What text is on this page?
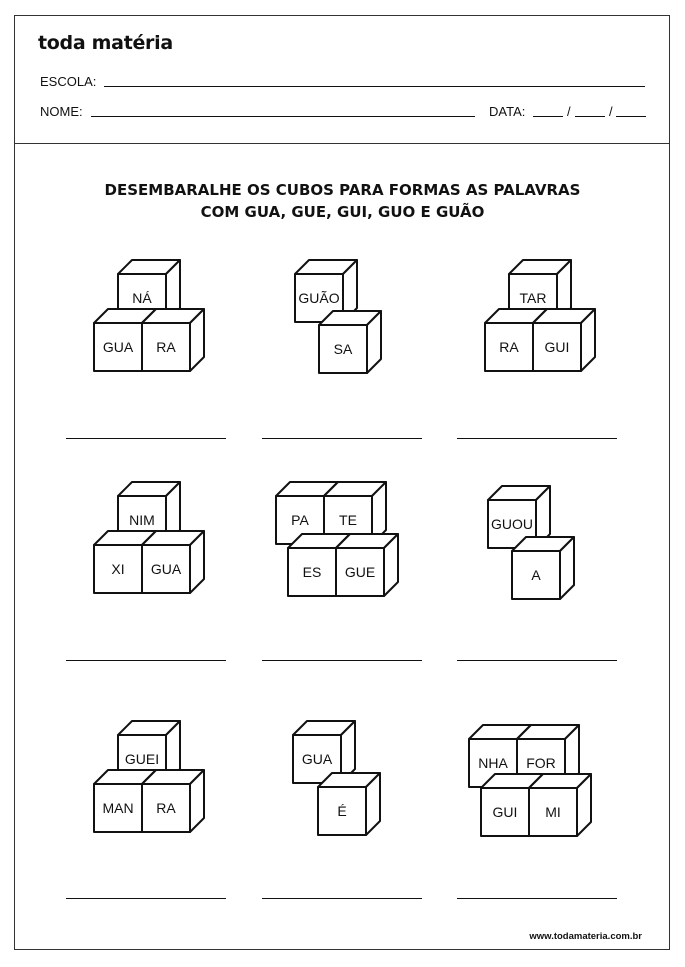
toda matéria
ESCOLA:
NOME:	DATA:	/	/
DESEMBARALHE OS CUBOS PARA FORMAS AS PALAVRAS
COM GUA, GUE, GUI, GUO E GUÃO
NÁ
GUA RA
GUÃO
SA
TAR
RA GUI
NIM
XI GUA
PA TE
ES GUE
GUOU
A
GUEI
MAN RA
GUA
É
NHA FOR
GUI MI
www.todamateria.com.br
